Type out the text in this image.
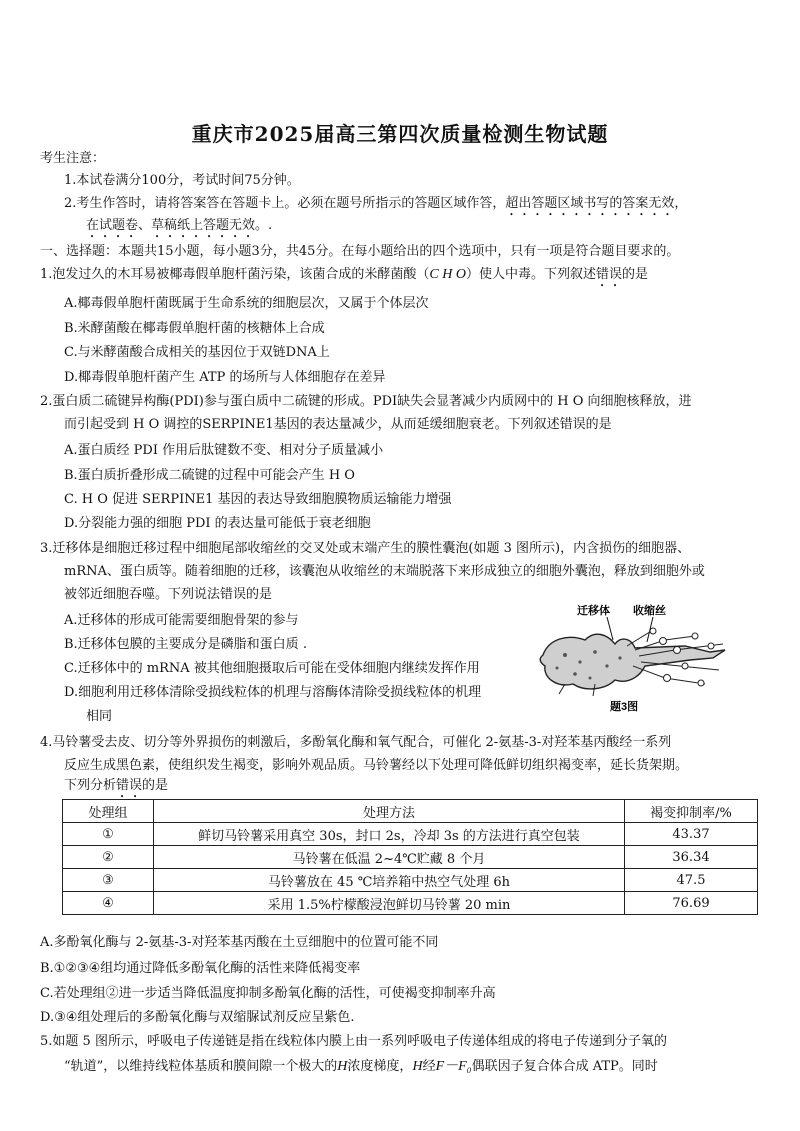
重庆市2025届高三第四次质量检测生物试题
考生注意：
1.本试卷满分100分，考试时间75分钟。
2.考生作答时，请将答案答在答题卡上。必须在题号所指示的答题区域作答，超出答题区域书写的答案无效，
在试题卷、草稿纸上答题无效。.
一、选择题：本题共15小题，每小题3分，共45分。在每小题给出的四个选项中，只有一项是符合题目要求的。
1.泡发过久的木耳易被椰毒假单胞杆菌污染，该菌合成的米酵菌酸（C H O）使人中毒。下列叙述错误的是
A.椰毒假单胞杆菌既属于生命系统的细胞层次，又属于个体层次
B.米酵菌酸在椰毒假单胞杆菌的核糖体上合成
C.与米酵菌酸合成相关的基因位于双链DNA上
D.椰毒假单胞杆菌产生 ATP 的场所与人体细胞存在差异
2.蛋白质二硫键异构酶(PDI)参与蛋白质中二硫键的形成。PDI缺失会显著减少内质网中的 H O 向细胞核释放，进
而引起受到 H O 调控的SERPINE1基因的表达量减少，从而延缓细胞衰老。下列叙述错误的是
A.蛋白质经 PDI 作用后肽键数不变、相对分子质量减小
B.蛋白质折叠形成二硫键的过程中可能会产生 H O
C. H O 促进 SERPINE1 基因的表达导致细胞膜物质运输能力增强
D.分裂能力强的细胞 PDI 的表达量可能低于衰老细胞
3.迁移体是细胞迁移过程中细胞尾部收缩丝的交叉处或末端产生的膜性囊泡(如题 3 图所示)，内含损伤的细胞器、
mRNA、蛋白质等。随着细胞的迁移，该囊泡从收缩丝的末端脱落下来形成独立的细胞外囊泡，释放到细胞外或
被邻近细胞吞噬。下列说法错误的是
A.迁移体的形成可能需要细胞骨架的参与
B.迁移体包膜的主要成分是磷脂和蛋白质 .
C.迁移体中的 mRNA 被其他细胞摄取后可能在受体细胞内继续发挥作用
D.细胞利用迁移体清除受损线粒体的机理与溶酶体清除受损线粒体的机理
相同
迁移体 收缩丝
题3图
4.马铃薯受去皮、切分等外界损伤的刺激后，多酚氧化酶和氧气配合，可催化 2-氨基-3-对羟苯基丙酸经一系列
反应生成黑色素，使组织发生褐变，影响外观品质。马铃薯经以下处理可降低鲜切组织褐变率，延长货架期。
下列分析错误的是
处理组	处理方法	褐变抑制率/%
①	鲜切马铃薯采用真空 30s，封口 2s，冷却 3s 的方法进行真空包装	43.37
②	马铃薯在低温 2~4℃贮藏 8 个月	36.34
③	马铃薯放在 45 ℃培养箱中热空气处理 6h	47.5
④	采用 1.5%柠檬酸浸泡鲜切马铃薯 20 min	76.69
A.多酚氧化酶与 2-氨基-3-对羟苯基丙酸在土豆细胞中的位置可能不同
B.①②③④组均通过降低多酚氧化酶的活性来降低褐变率
C.若处理组②进一步适当降低温度抑制多酚氧化酶的活性，可使褐变抑制率升高
D.③④组处理后的多酚氧化酶与双缩脲试剂反应呈紫色.
5.如题 5 图所示，呼吸电子传递链是指在线粒体内膜上由一系列呼吸电子传递体组成的将电子传递到分子氧的
“轨道”，以维持线粒体基质和膜间隙一个极大的H浓度梯度，H经F－F₀偶联因子复合体合成 ATP。同时
